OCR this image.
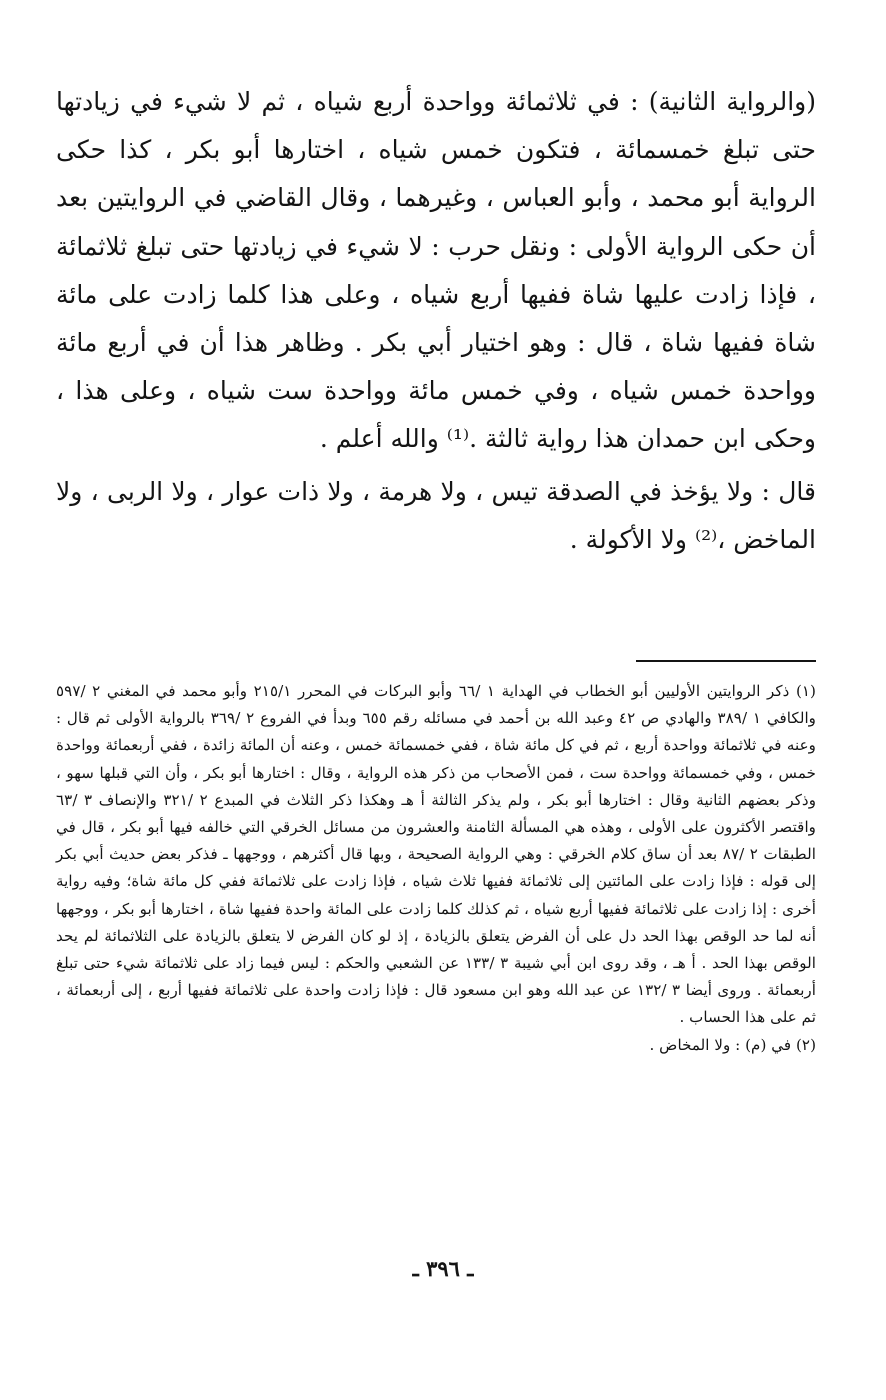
(والرواية الثانية) : في ثلاثمائة وواحدة أربع شياه ، ثم لا شيء في زيادتها حتى تبلغ خمسمائة ، فتكون خمس شياه ، اختارها أبو بكر ، كذا حكى الرواية أبو محمد ، وأبو العباس ، وغيرهما ، وقال القاضي في الروايتين بعد أن حكى الرواية الأولى : ونقل حرب : لا شيء في زيادتها حتى تبلغ ثلاثمائة ، فإذا زادت عليها شاة ففيها أربع شياه ، وعلى هذا كلما زادت على مائة شاة ففيها شاة ، قال : وهو اختيار أبي بكر . وظاهر هذا أن في أربع مائة وواحدة خمس شياه ، وفي خمس مائة وواحدة ست شياه ، وعلى هذا ، وحكى ابن حمدان هذا رواية ثالثة .⁽¹⁾ والله أعلم .

قال : ولا يؤخذ في الصدقة تيس ، ولا هرمة ، ولا ذات عوار ، ولا الربى ، ولا الماخض ،⁽²⁾ ولا الأكولة .

(١) ذكر الروايتين الأوليين أبو الخطاب في الهداية ١ /٦٦ وأبو البركات في المحرر ٢١٥/١ وأبو محمد في المغني ٢ /٥٩٧ والكافي ١ /٣٨٩ والهادي ص ٤٢ وعبد الله بن أحمد في مسائله رقم ٦٥٥ وبدأ في الفروع ٢ /٣٦٩ بالرواية الأولى ثم قال : وعنه في ثلاثمائة وواحدة أربع ، ثم في كل مائة شاة ، ففي خمسمائة خمس ، وعنه أن المائة زائدة ، ففي أربعمائة وواحدة خمس ، وفي خمسمائة وواحدة ست ، فمن الأصحاب من ذكر هذه الرواية ، وقال : اختارها أبو بكر ، وأن التي قبلها سهو ، وذكر بعضهم الثانية وقال : اختارها أبو بكر ، ولم يذكر الثالثة أ هـ وهكذا ذكر الثلاث في المبدع ٢ /٣٢١ والإنصاف ٣ /٦٣ واقتصر الأكثرون على الأولى ، وهذه هي المسألة الثامنة والعشرون من مسائل الخرقي التي خالفه فيها أبو بكر ، قال في الطبقات ٢ /٨٧ بعد أن ساق كلام الخرقي : وهي الرواية الصحيحة ، وبها قال أكثرهم ، ووجهها ـ فذكر بعض حديث أبي بكر إلى قوله : فإذا زادت على المائتين إلى ثلاثمائة ففيها ثلاث شياه ، فإذا زادت على ثلاثمائة ففي كل مائة شاة؛ وفيه رواية أخرى : إذا زادت على ثلاثمائة ففيها أربع شياه ، ثم كذلك كلما زادت على المائة واحدة ففيها شاة ، اختارها أبو بكر ، ووجهها أنه لما حد الوقص بهذا الحد دل على أن الفرض يتعلق بالزيادة ، إذ لو كان الفرض لا يتعلق بالزيادة على الثلاثمائة لم يحد الوقص بهذا الحد . أ هـ ، وقد روى ابن أبي شيبة ٣ /١٣٣ عن الشعبي والحكم : ليس فيما زاد على ثلاثمائة شيء حتى تبلغ أربعمائة . وروى أيضا ٣ /١٣٢ عن عبد الله وهو ابن مسعود قال : فإذا زادت واحدة على ثلاثمائة ففيها أربع ، إلى أربعمائة ، ثم على هذا الحساب .

(٢) في (م) : ولا المخاض .

ـ ٣٩٦ ـ
